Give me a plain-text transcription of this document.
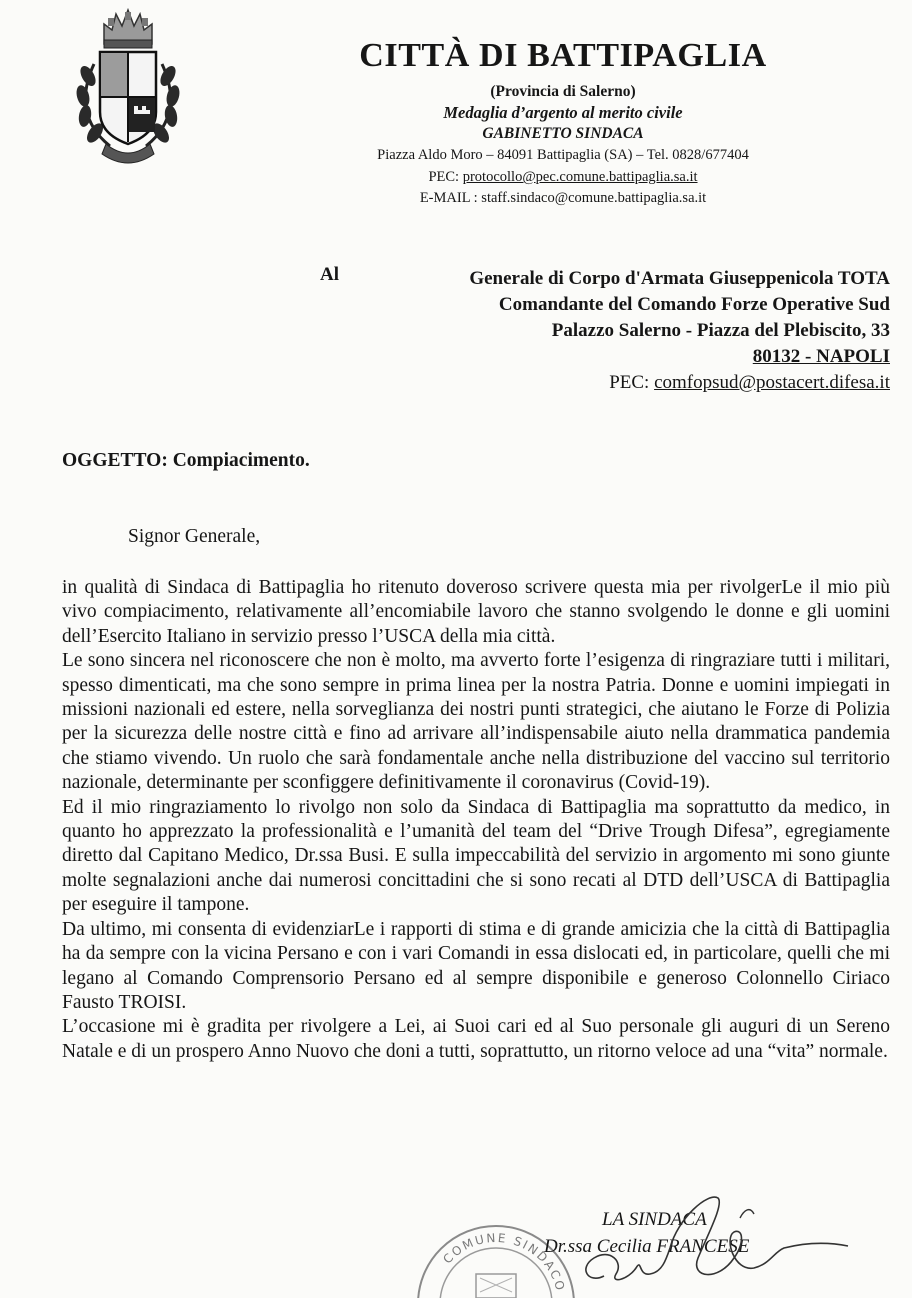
CITTÀ DI BATTIPAGLIA
(Provincia di Salerno)
Medaglia d’argento al merito civile
GABINETTO SINDACA
Piazza Aldo Moro – 84091 Battipaglia (SA) – Tel. 0828/677404
PEC: protocollo@pec.comune.battipaglia.sa.it
E-MAIL : staff.sindaco@comune.battipaglia.sa.it
Al	Generale di Corpo d'Armata Giuseppenicola TOTA
Comandante del Comando Forze Operative Sud
Palazzo Salerno - Piazza del Plebiscito, 33
80132 - NAPOLI
PEC: comfopsud@postacert.difesa.it
OGGETTO: Compiacimento.
Signor Generale,

in qualità di Sindaca di Battipaglia ho ritenuto doveroso scrivere questa mia per rivolgerLe il mio più vivo compiacimento, relativamente all’encomiabile lavoro che stanno svolgendo le donne e gli uomini dell’Esercito Italiano in servizio presso l’USCA della mia città.

Le sono sincera nel riconoscere che non è molto, ma avverto forte l’esigenza di ringraziare tutti i militari, spesso dimenticati, ma che sono sempre in prima linea per la nostra Patria. Donne e uomini impiegati in missioni nazionali ed estere, nella sorveglianza dei nostri punti strategici, che aiutano le Forze di Polizia per la sicurezza delle nostre città e fino ad arrivare all’indispensabile aiuto nella drammatica pandemia che stiamo vivendo. Un ruolo che sarà fondamentale anche nella distribuzione del vaccino sul territorio nazionale, determinante per sconfiggere definitivamente il coronavirus (Covid-19).

Ed il mio ringraziamento lo rivolgo non solo da Sindaca di Battipaglia ma soprattutto da medico, in quanto ho apprezzato la professionalità e l’umanità del team del “Drive Trough Difesa”, egregiamente diretto dal Capitano Medico, Dr.ssa Busi. E sulla impeccabilità del servizio in argomento mi sono giunte molte segnalazioni anche dai numerosi concittadini che si sono recati al DTD dell’USCA di Battipaglia per eseguire il tampone.

Da ultimo, mi consenta di evidenziarLe i rapporti di stima e di grande amicizia che la città di Battipaglia ha da sempre con la vicina Persano e con i vari Comandi in essa dislocati ed, in particolare, quelli che mi legano al Comando Comprensorio Persano ed al sempre disponibile e generoso Colonnello Ciriaco Fausto TROISI.

L’occasione mi è gradita per rivolgere a Lei, ai Suoi cari ed al Suo personale gli auguri di un Sereno Natale e di un prospero Anno Nuovo che doni a tutti, soprattutto, un ritorno veloce ad una “vita” normale.

COMUNE SINDACO
LA SINDACA
Dr.ssa Cecilia FRANCESE
